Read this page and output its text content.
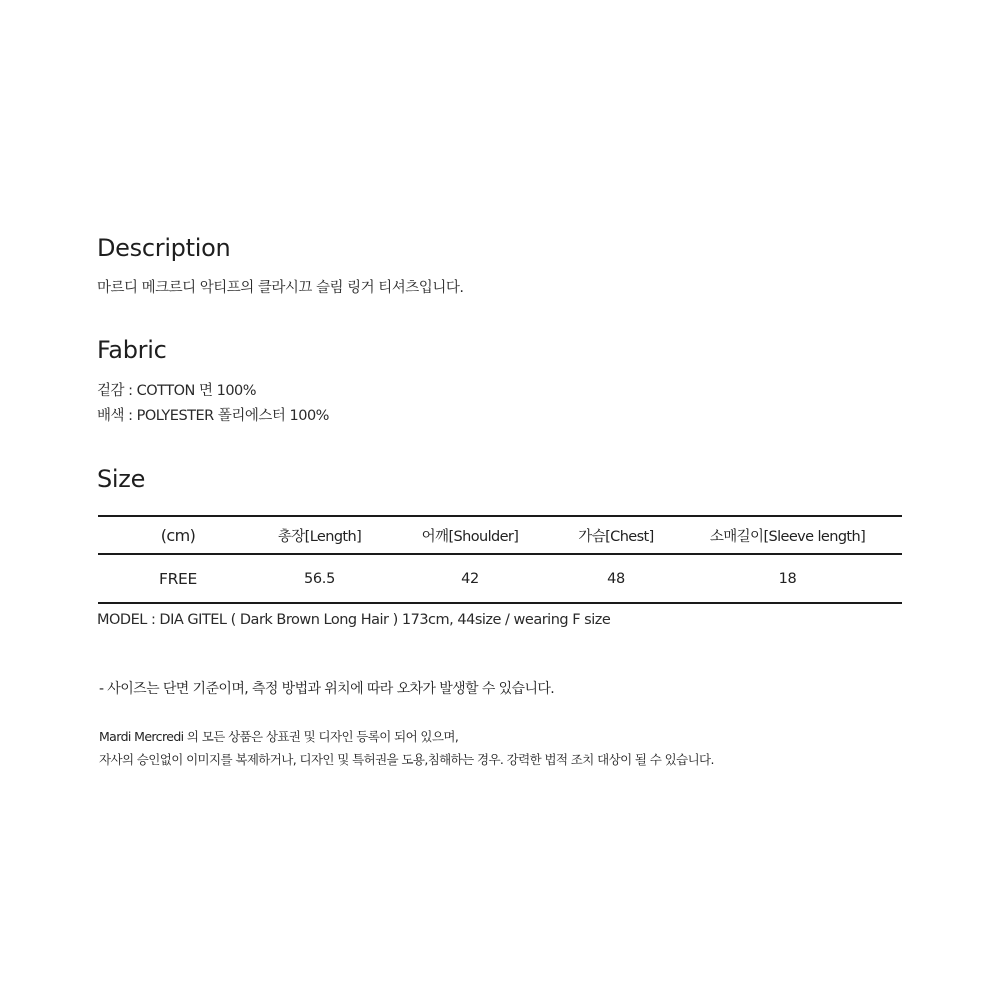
Description

마르디 메크르디 악티프의 클라시끄 슬림 링거 티셔츠입니다.

Fabric

겉감 : COTTON 면 100%

배색 : POLYESTER 폴리에스터 100%

Size
(cm)	총장[Length]	어깨[Shoulder]	가슴[Chest]	소매길이[Sleeve length]
FREE	56.5	42	48	18

MODEL : DIA GITEL ( Dark Brown Long Hair ) 173cm, 44size / wearing F size

- 사이즈는 단면 기준이며, 측정 방법과 위치에 따라 오차가 발생할 수 있습니다.

Mardi Mercredi 의 모든 상품은 상표권 및 디자인 등록이 되어 있으며,

자사의 승인없이 이미지를 복제하거나, 디자인 및 특허권을 도용,침해하는 경우. 강력한 법적 조치 대상이 될 수 있습니다.
